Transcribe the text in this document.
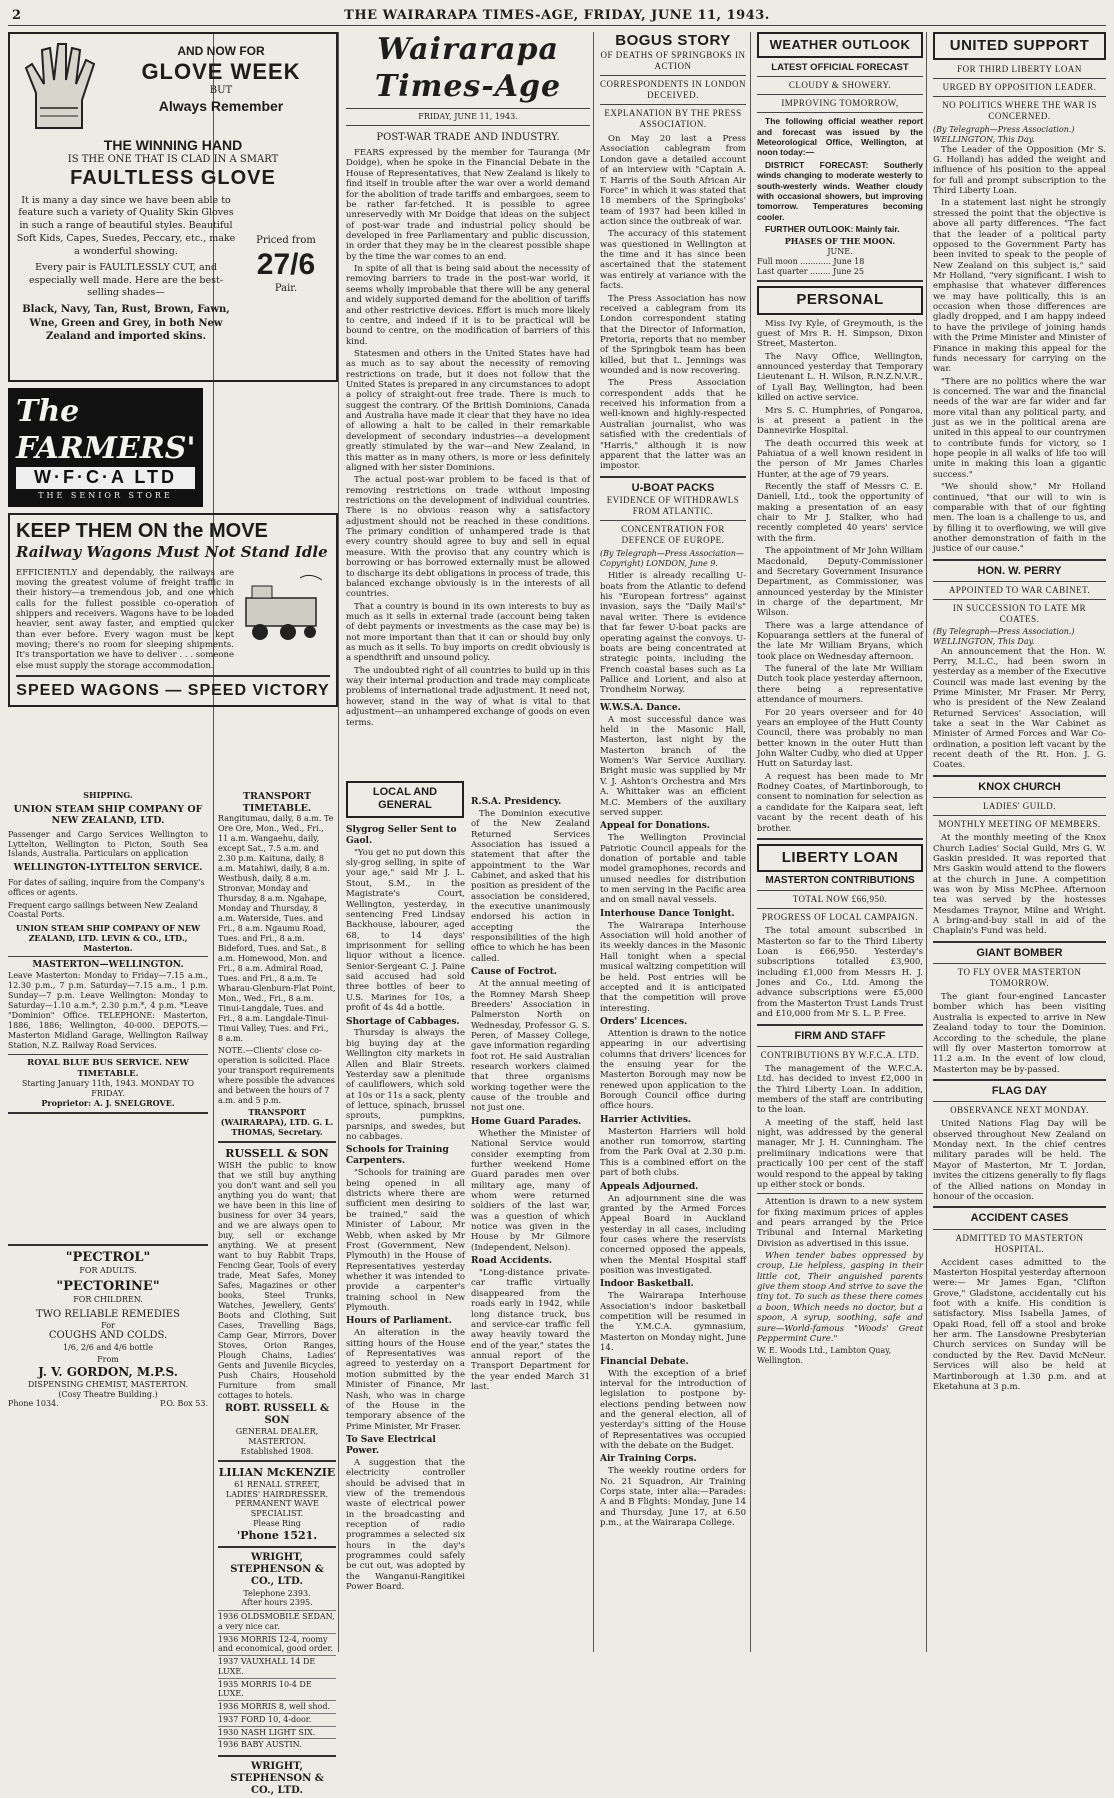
2	THE WAIRARAPA TIMES-AGE, FRIDAY, JUNE 11, 1943.
AND NOW FOR
GLOVE WEEK
BUT
Always Remember
THE WINNING HAND
IS THE ONE THAT IS CLAD IN A SMART
FAULTLESS GLOVE
It is many a day since we have been able to feature such a variety of Quality Skin Gloves in such a range of beautiful styles. Beautiful Soft Kids, Capes, Suedes, Peccary, etc., make a wonderful showing.
Every pair is FAULTLESSLY CUT, and especially well made. Here are the best-selling shades—
Black, Navy, Tan, Rust, Brown, Fawn, Wne, Green and Grey, in both New Zealand and imported skins.
Priced from
27/6
Pair.
The FARMERS'
W·F·C·A LTD
THE SENIOR STORE
KEEP THEM ON the MOVE
Railway Wagons Must Not Stand Idle
EFFICIENTLY and dependably, the railways are moving the greatest volume of freight traffic in their history—a tremendous job, and one which calls for the fullest possible co-operation of shippers and receivers. Wagons have to be loaded heavier, sent away faster, and emptied quicker than ever before. Every wagon must be kept moving; there's no room for sleeping shipments. It's transportation we have to deliver . . . someone else must supply the storage accommodation.
SPEED WAGONS — SPEED VICTORY
SHIPPING.
UNION STEAM SHIP COMPANY OF NEW ZEALAND, LTD.
Passenger and Cargo Services Wellington to Lyttelton, Wellington to Picton, South Sea Islands, Australia. Particulars on application
WELLINGTON-LYTTELTON SERVICE.
For dates of sailing, inquire from the Company's offices or agents.
Frequent cargo sailings between New Zealand Coastal Ports.
UNION STEAM SHIP COMPANY OF NEW ZEALAND, LTD. LEVIN & CO., LTD., Masterton.
MASTERTON—WELLINGTON.
Leave Masterton: Monday to Friday—7.15 a.m., 12.30 p.m., 7 p.m. Saturday—7.15 a.m., 1 p.m. Sunday—7 p.m. Leave Wellington: Monday to Saturday—1.10 a.m.*, 2.30 p.m.*, 4 p.m. *Leave "Dominion" Office. TELEPHONE: Masterton, 1886, 1886; Wellington, 40-000. DEPOTS.—Masterton Midland Garage, Wellington Railway Station, N.Z. Railway Road Services.
ROYAL BLUE BUS SERVICE. NEW TIMETABLE.
Starting January 11th, 1943. MONDAY TO FRIDAY.
Proprietor: A. J. SNELGROVE.
"PECTROL"
FOR ADULTS.
"PECTORINE"
FOR CHILDREN.
TWO RELIABLE REMEDIES
For
COUGHS AND COLDS.
1/6, 2/6 and 4/6 bottle
From
J. V. GORDON, M.P.S.
DISPENSING CHEMIST, MASTERTON.
(Cosy Theatre Building.)
Phone 1034.	P.O. Box 53.
TRANSPORT TIMETABLE.
Rangitumau, daily, 8 a.m. Te Ore Ore, Mon., Wed., Fri., 11 a.m. Wangaehu, daily, except Sat., 7.5 a.m. and 2.30 p.m. Kaituna, daily, 8 a.m. Matahiwi, daily, 8 a.m. Westbush, daily, 8 a.m. Stronvar, Monday and Thursday, 8 a.m. Ngahape, Monday and Thursday, 8 a.m. Waterside, Tues. and Fri., 8 a.m. Ngaumu Road, Tues. and Fri., 8 a.m. Bideford, Tues. and Sat., 8 a.m. Homewood, Mon. and Fri., 8 a.m. Admiral Road, Tues. and Fri., 8 a.m. Te Wharau-Glenburn-Flat Point, Mon., Wed., Fri., 8 a.m. Tinui-Langdale, Tues. and Fri., 8 a.m. Langdale-Tinui-Tinui Valley, Tues. and Fri., 8 a.m.
NOTE.—Clients' close co-operation is solicited. Place your transport requirements where possible the advances and between the hours of 7 a.m. and 5 p.m.
TRANSPORT (WAIRARAPA), LTD. G. L. THOMAS, Secretary.
RUSSELL & SON
WISH the public to know that we still buy anything you don't want and sell you anything you do want; that we have been in this line of business for over 34 years, and we are always open to buy, sell or exchange anything. We at present want to buy Rabbit Traps, Fencing Gear, Tools of every trade, Meat Safes, Money Safes, Magazines or other books, Steel Trunks, Watches, Jewellery, Gents' Boots and Clothing, Suit Cases, Travelling Bags, Camp Gear, Mirrors, Dover Stoves, Orion Ranges, Plough Chains, Ladies' Gents and Juvenile Bicycles, Push Chairs, Household Furniture from small cottages to hotels.
ROBT. RUSSELL & SON
GENERAL DEALER, MASTERTON.
Established 1908.
LILIAN McKENZIE
61 RENALL STREET,
LADIES' HAIRDRESSER.
PERMANENT WAVE SPECIALIST.
Please Ring
'Phone 1521.
WRIGHT, STEPHENSON & CO., LTD.
Telephone 2393.
After hours 2395.
1936 OLDSMOBILE SEDAN, a very nice car.
1936 MORRIS 12-4, roomy and economical, good order.
1937 VAUXHALL 14 DE LUXE.
1935 MORRIS 10-4 DE LUXE.
1936 MORRIS 8, well shod.
1937 FORD 10, 4-door.
1930 NASH LIGHT SIX.
1936 BABY AUSTIN.
WRIGHT, STEPHENSON & CO., LTD.
Wairarapa Times-Age
FRIDAY, JUNE 11, 1943.
POST-WAR TRADE AND INDUSTRY.

FEARS expressed by the member for Tauranga (Mr Doidge), when he spoke in the Financial Debate in the House of Representatives, that New Zealand is likely to find itself in trouble after the war over a world demand for the abolition of trade tariffs and embargoes, seem to be rather far-fetched. It is possible to agree unreservedly with Mr Doidge that ideas on the subject of post-war trade and industrial policy should be developed in free Parliamentary and public discussion, in order that they may be in the clearest possible shape by the time the war comes to an end.

In spite of all that is being said about the necessity of removing barriers to trade in the post-war world, it seems wholly improbable that there will be any general and widely supported demand for the abolition of tariffs and other restrictive devices. Effort is much more likely to centre, and indeed if it is to be practical will be bound to centre, on the modification of barriers of this kind.

Statesmen and others in the United States have had as much as to say about the necessity of removing restrictions on trade, but it does not follow that the United States is prepared in any circumstances to adopt a policy of straight-out free trade. There is much to suggest the contrary. Of the British Dominions, Canada and Australia have made it clear that they have no idea of allowing a halt to be called in their remarkable development of secondary industries—a development greatly stimulated by the war—and New Zealand, in this matter as in many others, is more or less definitely aligned with her sister Dominions.

The actual post-war problem to be faced is that of removing restrictions on trade without imposing restrictions on the development of individual countries. There is no obvious reason why a satisfactory adjustment should not be reached in these conditions. The primary condition of unhampered trade is that every country should agree to buy and sell in equal measure. With the proviso that any country which is borrowing or has borrowed externally must be allowed to discharge its debt obligations in process of trade, this balanced exchange obviously is in the interests of all countries.

That a country is bound in its own interests to buy as much as it sells in external trade (account being taken of debt payments or investments as the case may be) is not more important than that it can or should buy only as much as it sells. To buy imports on credit obviously is a spendthrift and unsound policy.

The undoubted right of all countries to build up in this way their internal production and trade may complicate problems of international trade adjustment. It need not, however, stand in the way of what is vital to that adjustment—an unhampered exchange of goods on even terms.

LOCAL AND GENERAL
Slygrog Seller Sent to Gaol.

"You get no put down this sly-grog selling, in spite of your age," said Mr J. L. Stout, S.M., in the Magistrate's Court, Wellington, yesterday, in sentencing Fred Lindsay Backhouse, labourer, aged 68, to 14 days' imprisonment for selling liquor without a licence. Senior-Sergeant C. J. Paine said accused had sold three bottles of beer to U.S. Marines for 10s, a profit of 4s 4d a bottle.

Shortage of Cabbages.

Thursday is always the big buying day at the Wellington city markets in Allen and Blair Streets. Yesterday saw a plenitude of cauliflowers, which sold at 10s or 11s a sack, plenty of lettuce, spinach, brussel sprouts, pumpkins, parsnips, and swedes, but no cabbages.

Schools for Training Carpenters.

"Schools for training are being opened in all districts where there are sufficient men desiring to be trained," said the Minister of Labour, Mr Webb, when asked by Mr Frost (Government, New Plymouth) in the House of Representatives yesterday whether it was intended to provide a carpenter's training school in New Plymouth.

Hours of Parliament.

An alteration in the sitting hours of the House of Representatives was agreed to yesterday on a motion submitted by the Minister of Finance, Mr Nash, who was in charge of the House in the temporary absence of the Prime Minister, Mr Fraser.

To Save Electrical Power.

A suggestion that the electricity controller should be advised that in view of the tremendous waste of electrical power in the broadcasting and reception of radio programmes a selected six hours in the day's programmes could safely be cut out, was adopted by the Wanganui-Rangitikei Power Board.

R.S.A. Presidency.

The Dominion executive of the New Zealand Returned Services Association has issued a statement that after the appointment to the War Cabinet, and asked that his position as president of the association be considered, the executive unanimously endorsed his action in accepting the responsibilities of the high office to which he has been called.

Cause of Foctrot.

At the annual meeting of the Romney Marsh Sheep Breeders' Association in Palmerston North on Wednesday, Professor G. S. Peren, of Massey College, gave information regarding foot rot. He said Australian research workers claimed that three organisms working together were the cause of the trouble and not just one.

Home Guard Parades.

Whether the Minister of National Service would consider exempting from further weekend Home Guard parades men over military age, many of whom were returned soldiers of the last war, was a question of which notice was given in the House by Mr Gilmore (Independent, Nelson).

Road Accidents.

"Long-distance private-car traffic virtually disappeared from the roads early in 1942, while long distance truck, bus and service-car traffic fell away heavily toward the end of the year," states the annual report of the Transport Department for the year ended March 31 last.

BOGUS STORY
OF DEATHS OF SPRINGBOKS IN ACTION
CORRESPONDENTS IN LONDON DECEIVED.
EXPLANATION BY THE PRESS ASSOCIATION.

On May 20 last a Press Association cablegram from London gave a detailed account of an interview with "Captain A. T. Harris of the South African Air Force" in which it was stated that 18 members of the Springboks' team of 1937 had been killed in action since the outbreak of war.

The accuracy of this statement was questioned in Wellington at the time and it has since been ascertained that the statement was entirely at variance with the facts.

The Press Association has now received a cablegram from its London correspondent stating that the Director of Information, Pretoria, reports that no member of the Springbok team has been killed, but that L. Jennings was wounded and is now recovering.

The Press Association correspondent adds that he received his information from a well-known and highly-respected Australian journalist, who was satisfied with the credentials of "Harris," although it is now apparent that the latter was an impostor.

U-BOAT PACKS
EVIDENCE OF WITHDRAWLS FROM ATLANTIC.
CONCENTRATION FOR DEFENCE OF EUROPE.
(By Telegraph—Press Association—Copyright) LONDON, June 9.

Hitler is already recalling U-boats from the Atlantic to defend his "European fortress" against invasion, says the "Daily Mail's" naval writer. There is evidence that far fewer U-boat packs are operating against the convoys. U-boats are being concentrated at strategic points, including the French coastal bases such as La Pallice and Lorient, and also at Trondheim Norway.

W.W.S.A. Dance.

A most successful dance was held in the Masonic Hall, Masterton, last night by the Masterton branch of the Women's War Service Auxiliary. Bright music was supplied by Mr V. J. Ashton's Orchestra and Mrs A. Whittaker was an efficient M.C. Members of the auxiliary served supper.

Appeal for Donations.

The Wellington Provincial Patriotic Council appeals for the donation of portable and table model gramophones, records and unused needles for distribution to men serving in the Pacific area and on small naval vessels.

Interhouse Dance Tonight.

The Wairarapa Interhouse Association will hold another of its weekly dances in the Masonic Hall tonight when a special musical waltzing competition will be held. Post entries will be accepted and it is anticipated that the competition will prove interesting.

Orders' Licences.

Attention is drawn to the notice appearing in our advertising columns that drivers' licences for the ensuing year for the Masterton Borough may now be renewed upon application to the Borough Council office during office hours.

Harrier Activities.

Masterton Harriers will hold another run tomorrow, starting from the Park Oval at 2.30 p.m. This is a combined effort on the part of both clubs.

Appeals Adjourned.

An adjournment sine die was granted by the Armed Forces Appeal Board in Auckland yesterday in all cases, including four cases where the reservists concerned opposed the appeals, when the Mental Hospital staff position was investigated.

Indoor Basketball.

The Wairarapa Interhouse Association's indoor basketball competition will be resumed in the Y.M.C.A. gymnasium, Masterton on Monday night, June 14.

Financial Debate.

With the exception of a brief interval for the introduction of legislation to postpone by-elections pending between now and the general election, all of yesterday's sitting of the House of Representatives was occupied with the debate on the Budget.

Air Training Corps.

The weekly routine orders for No. 21 Squadron, Air Training Corps state, inter alia:—Parades: A and B Flights: Monday, June 14 and Thursday, June 17, at 6.50 p.m., at the Wairarapa College.

WEATHER OUTLOOK
LATEST OFFICIAL FORECAST
CLOUDY & SHOWERY.
IMPROVING TOMORROW,

The following official weather report and forecast was issued by the Meteorological Office, Wellington, at noon today:—

DISTRICT FORECAST: Southerly winds changing to moderate westerly to south-westerly winds. Weather cloudy with occasional showers, but improving tomorrow. Temperatures becoming cooler.

FURTHER OUTLOOK: Mainly fair.

PHASES OF THE MOON.
JUNE.
Full moon ............ June 18
Last quarter ........ June 25
PERSONAL

Miss Ivy Kyle, of Greymouth, is the guest of Mrs R. H. Simpson, Dixon Street, Masterton.

The Navy Office, Wellington, announced yesterday that Temporary Lieutenant L. H. Wilson, R.N.Z.N.V.R., of Lyall Bay, Wellington, had been killed on active service.

Mrs S. C. Humphries, of Pongaroa, is at present a patient in the Dannevirke Hospital.

The death occurred this week at Pahiatua of a well known resident in the person of Mr James Charles Hunter, at the age of 79 years.

Recently the staff of Messrs C. E. Daniell, Ltd., took the opportunity of making a presentation of an easy chair to Mr J. Stalker, who had recently completed 40 years' service with the firm.

The appointment of Mr John William Macdonald, Deputy-Commissioner and Secretary Government Insurance Department, as Commissioner, was announced yesterday by the Minister in charge of the department, Mr Wilson.

There was a large attendance of Kopuaranga settlers at the funeral of the late Mr William Bryans, which took place on Wednesday afternoon.

The funeral of the late Mr William Dutch took place yesterday afternoon, there being a representative attendance of mourners.

For 20 years overseer and for 40 years an employee of the Hutt County Council, there was probably no man better known in the outer Hutt than John Walter Cudby, who died at Upper Hutt on Saturday last.

A request has been made to Mr Rodney Coates, of Martinborough, to consent to nomination for selection as a candidate for the Kaipara seat, left vacant by the recent death of his brother.

LIBERTY LOAN
MASTERTON CONTRIBUTIONS
TOTAL NOW £66,950.
PROGRESS OF LOCAL CAMPAIGN.

The total amount subscribed in Masterton so far to the Third Liberty Loan is £66,950. Yesterday's subscriptions totalled £3,900, including £1,000 from Messrs H. J. Jones and Co., Ltd. Among the advance subscriptions were £5,000 from the Masterton Trust Lands Trust and £10,000 from Mr S. L. P. Free.

FIRM AND STAFF
CONTRIBUTIONS BY W.F.C.A. LTD.

The management of the W.F.C.A. Ltd. has decided to invest £2,000 in the Third Liberty Loan. In addition, members of the staff are contributing to the loan.

A meeting of the staff, held last night, was addressed by the general manager, Mr J. H. Cunningham. The prelimiinary indications were that practically 100 per cent of the staff would respond to the appeal by taking up either stock or bonds.

Attention is drawn to a new system for fixing maximum prices of apples and pears arranged by the Price Tribunal and Internal Marketing Division as advertised in this issue.

When tender babes oppressed by croup, Lie helpless, gasping in their little cot, Their anguished parents give them stoop And strive to save the tiny tot. To such as these there comes a boon, Which needs no doctor, but a spoon, A syrup, soothing, safe and sure—World-famous "Woods' Great Peppermint Cure."

W. E. Woods Ltd., Lambton Quay, Wellington.
UNITED SUPPORT
FOR THIRD LIBERTY LOAN
URGED BY OPPOSITION LEADER.
NO POLITICS WHERE THE WAR IS CONCERNED.
(By Telegraph—Press Association.) WELLINGTON, This Day.

The Leader of the Opposition (Mr S. G. Holland) has added the weight and influence of his position to the appeal for full and prompt subscription to the Third Liberty Loan.

In a statement last night he strongly stressed the point that the objective is above all party differences. "The fact that the leader of a political party opposed to the Government Party has been invited to speak to the people of New Zealand on this subject is," said Mr Holland, "very significant. I wish to emphasise that whatever differences we may have politically, this is an occasion when those differences are gladly dropped, and I am happy indeed to have the privilege of joining hands with the Prime Minister and Minister of Finance in making this appeal for the funds necessary for carrying on the war.

"There are no politics where the war is concerned. The war and the financial needs of the war are far wider and far more vital than any political party, and just as we in the political arena are united in this appeal to our countrymen to contribute funds for victory, so I hope people in all walks of life too will unite in making this loan a gigantic success."

"We should show," Mr Holland continued, "that our will to win is comparable with that of our fighting men. The loan is a challenge to us, and by filling it to overflowing, we will give another demonstration of faith in the justice of our cause."

HON. W. PERRY
APPOINTED TO WAR CABINET.
IN SUCCESSION TO LATE MR COATES.
(By Telegraph—Press Association.) WELLINGTON, This Day.

An announcement that the Hon. W. Perry, M.L.C., had been sworn in yesterday as a member of the Executive Council was made last evening by the Prime Minister, Mr Fraser. Mr Perry, who is president of the New Zealand Returned Services' Association, will take a seat in the War Cabinet as Minister of Armed Forces and War Co-ordination, a position left vacant by the recent death of the Rt. Hon. J. G. Coates.

KNOX CHURCH
LADIES' GUILD.
MONTHLY MEETING OF MEMBERS.

At the monthly meeting of the Knox Church Ladies' Social Guild, Mrs G. W. Gaskin presided. It was reported that Mrs Gaskin would attend to the flowers at the church in June. A competition was won by Miss McPhee. Afternoon tea was served by the hostesses Mesdames Traynor, Milne and Wright. A bring-and-buy stall in aid of the Chaplain's Fund was held.

GIANT BOMBER
TO FLY OVER MASTERTON TOMORROW.

The giant four-engined Lancaster bomber which has been visiting Australia is expected to arrive in New Zealand today to tour the Dominion. According to the schedule, the plane will fly over Masterton tomorrow at 11.2 a.m. In the event of low cloud, Masterton may be by-passed.

FLAG DAY
OBSERVANCE NEXT MONDAY.

United Nations Flag Day will be observed throughout New Zealand on Monday next. In the chief centres military parades will be held. The Mayor of Masterton, Mr T. Jordan, invites the citizens generally to fly flags of the Allied nations on Monday in honour of the occasion.

ACCIDENT CASES
ADMITTED TO MASTERTON HOSPITAL.

Accident cases admitted to the Masterton Hospital yesterday afternoon were:— Mr James Egan, "Clifton Grove," Gladstone, accidentally cut his foot with a knife. His condition is satisfactory. Miss Isabella James, of Opaki Road, fell off a stool and broke her arm. The Lansdowne Presbyterian Church services on Sunday will be conducted by the Rev. David McNeur. Services will also be held at Martinborough at 1.30 p.m. and at Eketahuna at 3 p.m.
